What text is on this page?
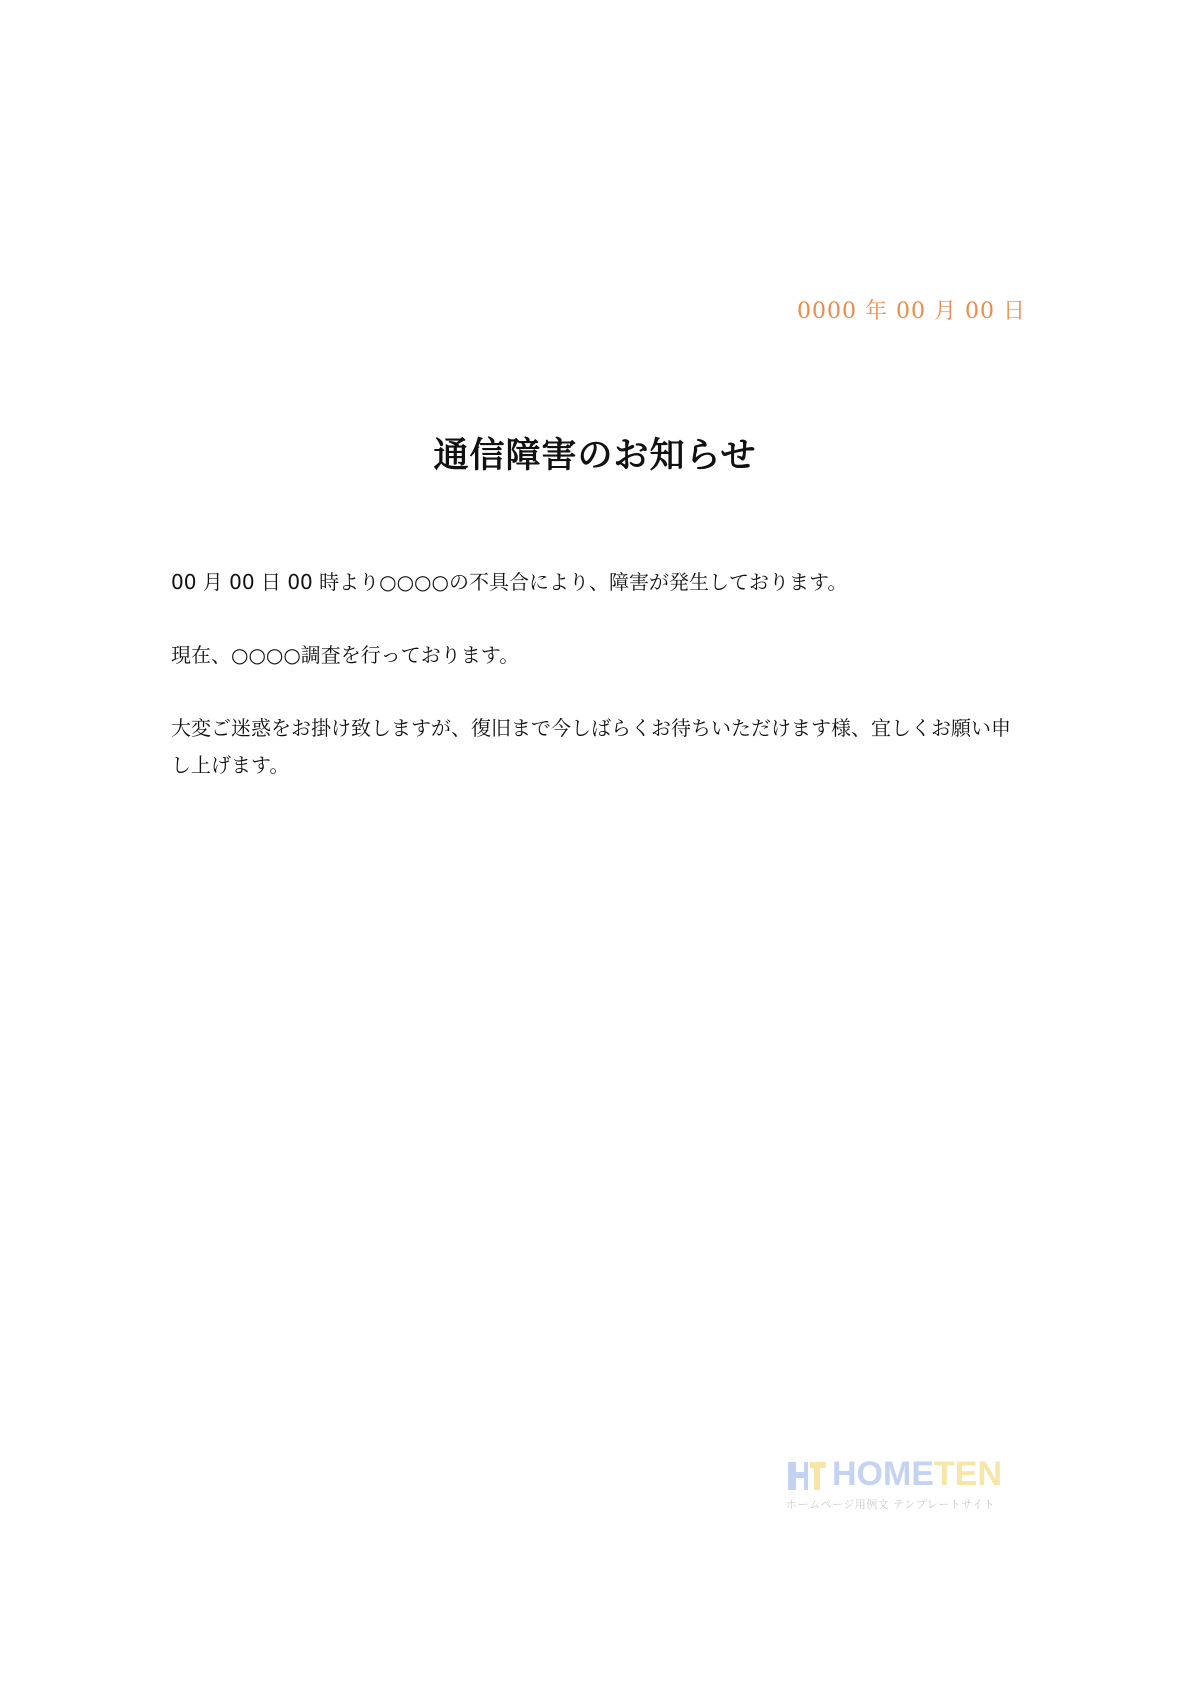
0000 年 00 月 00 日
通信障害のお知らせ

00 月 00 日 00 時より○○○○の不具合により、障害が発生しております。

現在、○○○○調査を行っております。

大変ご迷惑をお掛け致しますが、復旧まで今しばらくお待ちいただけます様、宜しくお願い申し上げます。

HOMETEN
ホームページ用例文 テンプレートサイト
